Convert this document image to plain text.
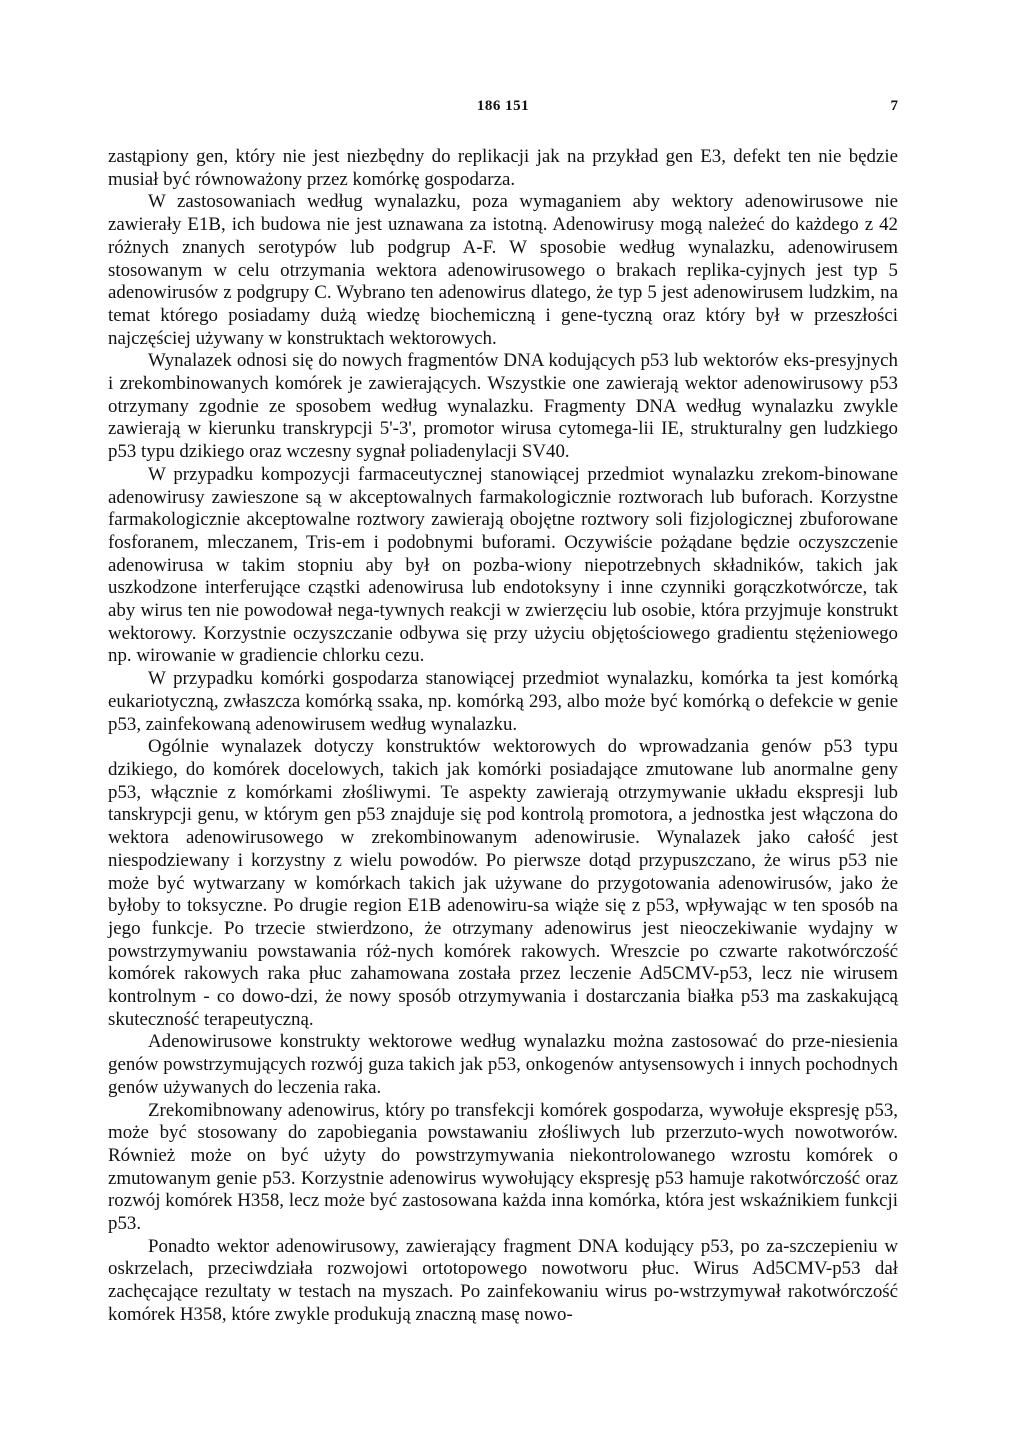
186 151	7

zastąpiony gen, który nie jest niezbędny do replikacji jak na przykład gen E3, defekt ten nie będzie musiał być równoważony przez komórkę gospodarza.

W zastosowaniach według wynalazku, poza wymaganiem aby wektory adenowirusowe nie zawierały E1B, ich budowa nie jest uznawana za istotną. Adenowirusy mogą należeć do każdego z 42 różnych znanych serotypów lub podgrup A-F. W sposobie według wynalazku, adenowirusem stosowanym w celu otrzymania wektora adenowirusowego o brakach replika-cyjnych jest typ 5 adenowirusów z podgrupy C. Wybrano ten adenowirus dlatego, że typ 5 jest adenowirusem ludzkim, na temat którego posiadamy dużą wiedzę biochemiczną i gene-tyczną oraz który był w przeszłości najczęściej używany w konstruktach wektorowych.

Wynalazek odnosi się do nowych fragmentów DNA kodujących p53 lub wektorów eks-presyjnych i zrekombinowanych komórek je zawierających. Wszystkie one zawierają wektor adenowirusowy p53 otrzymany zgodnie ze sposobem według wynalazku. Fragmenty DNA według wynalazku zwykle zawierają w kierunku transkrypcji 5'-3', promotor wirusa cytomega-lii IE, strukturalny gen ludzkiego p53 typu dzikiego oraz wczesny sygnał poliadenylacji SV40.

W przypadku kompozycji farmaceutycznej stanowiącej przedmiot wynalazku zrekom-binowane adenowirusy zawieszone są w akceptowalnych farmakologicznie roztworach lub buforach. Korzystne farmakologicznie akceptowalne roztwory zawierają obojętne roztwory soli fizjologicznej zbuforowane fosforanem, mleczanem, Tris-em i podobnymi buforami. Oczywiście pożądane będzie oczyszczenie adenowirusa w takim stopniu aby był on pozba-wiony niepotrzebnych składników, takich jak uszkodzone interferujące cząstki adenowirusa lub endotoksyny i inne czynniki gorączkotwórcze, tak aby wirus ten nie powodował nega-tywnych reakcji w zwierzęciu lub osobie, która przyjmuje konstrukt wektorowy. Korzystnie oczyszczanie odbywa się przy użyciu objętościowego gradientu stężeniowego np. wirowanie w gradiencie chlorku cezu.

W przypadku komórki gospodarza stanowiącej przedmiot wynalazku, komórka ta jest komórką eukariotyczną, zwłaszcza komórką ssaka, np. komórką 293, albo może być komórką o defekcie w genie p53, zainfekowaną adenowirusem według wynalazku.

Ogólnie wynalazek dotyczy konstruktów wektorowych do wprowadzania genów p53 typu dzikiego, do komórek docelowych, takich jak komórki posiadające zmutowane lub anormalne geny p53, włącznie z komórkami złośliwymi. Te aspekty zawierają otrzymywanie układu ekspresji lub tanskrypcji genu, w którym gen p53 znajduje się pod kontrolą promotora, a jednostka jest włączona do wektora adenowirusowego w zrekombinowanym adenowirusie. Wynalazek jako całość jest niespodziewany i korzystny z wielu powodów. Po pierwsze dotąd przypuszczano, że wirus p53 nie może być wytwarzany w komórkach takich jak używane do przygotowania adenowirusów, jako że byłoby to toksyczne. Po drugie region E1B adenowiru-sa wiąże się z p53, wpływając w ten sposób na jego funkcje. Po trzecie stwierdzono, że otrzymany adenowirus jest nieoczekiwanie wydajny w powstrzymywaniu powstawania róż-nych komórek rakowych. Wreszcie po czwarte rakotwórczość komórek rakowych raka płuc zahamowana została przez leczenie Ad5CMV-p53, lecz nie wirusem kontrolnym - co dowo-dzi, że nowy sposób otrzymywania i dostarczania białka p53 ma zaskakującą skuteczność terapeutyczną.

Adenowirusowe konstrukty wektorowe według wynalazku można zastosować do prze-niesienia genów powstrzymujących rozwój guza takich jak p53, onkogenów antysensowych i innych pochodnych genów używanych do leczenia raka.

Zrekomibnowany adenowirus, który po transfekcji komórek gospodarza, wywołuje ekspresję p53, może być stosowany do zapobiegania powstawaniu złośliwych lub przerzuto-wych nowotworów. Również może on być użyty do powstrzymywania niekontrolowanego wzrostu komórek o zmutowanym genie p53. Korzystnie adenowirus wywołujący ekspresję p53 hamuje rakotwórczość oraz rozwój komórek H358, lecz może być zastosowana każda inna komórka, która jest wskaźnikiem funkcji p53.

Ponadto wektor adenowirusowy, zawierający fragment DNA kodujący p53, po za-szczepieniu w oskrzelach, przeciwdziała rozwojowi ortotopowego nowotworu płuc. Wirus Ad5CMV-p53 dał zachęcające rezultaty w testach na myszach. Po zainfekowaniu wirus po-wstrzymywał rakotwórczość komórek H358, które zwykle produkują znaczną masę nowo-
